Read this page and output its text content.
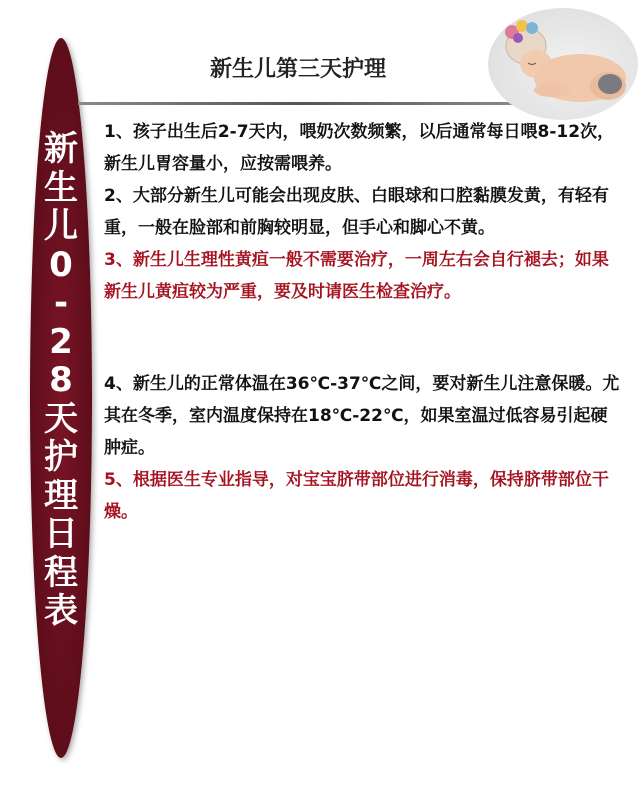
新
生
儿
0
-
2
8
天
护
理
日
程
表
新生儿第三天护理

1、孩子出生后2-7天内，喂奶次数频繁，以后通常每日喂8-12次，新生儿胃容量小，应按需喂养。

2、大部分新生儿可能会出现皮肤、白眼球和口腔黏膜发黄，有轻有重，一般在脸部和前胸较明显，但手心和脚心不黄。

3、新生儿生理性黄疸一般不需要治疗，一周左右会自行褪去；如果新生儿黄疸较为严重，要及时请医生检查治疗。

4、新生儿的正常体温在36℃-37℃之间，要对新生儿注意保暖。尤其在冬季，室内温度保持在18℃-22℃，如果室温过低容易引起硬肿症。

5、根据医生专业指导，对宝宝脐带部位进行消毒，保持脐带部位干燥。
